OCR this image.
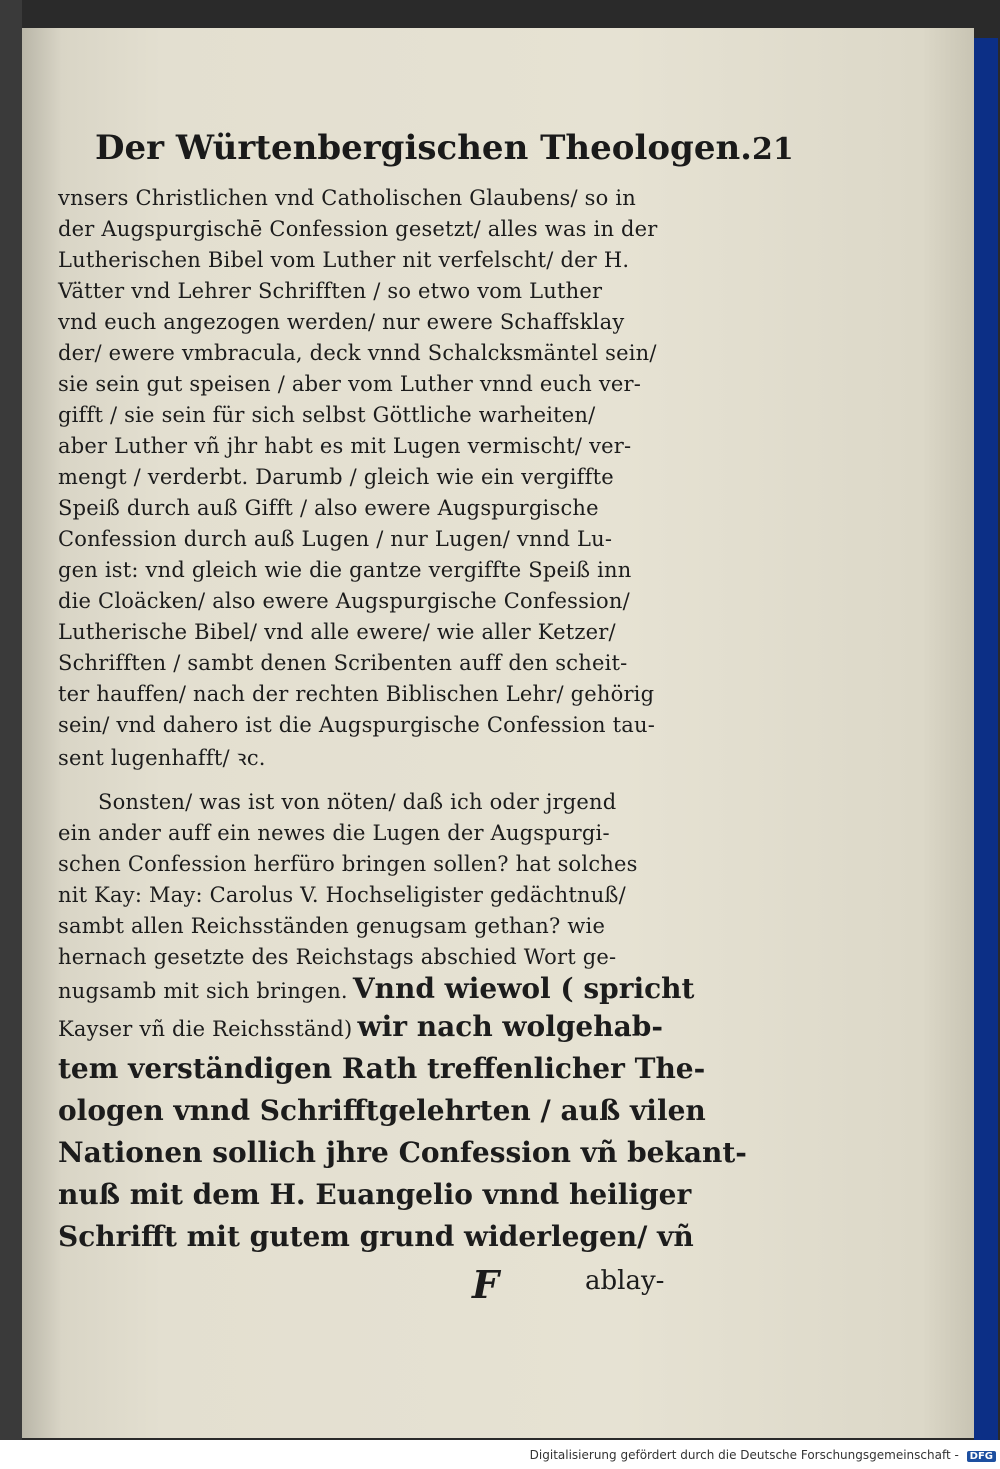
Der Würtenbergischen Theologen. 21
vnsers Christlichen vnd Catholischen Glaubens/ so in
der Augspurgischē Confession gesetzt/ alles was in der
Lutherischen Bibel vom Luther nit verfelscht/ der H.
Vätter vnd Lehrer Schrifften / so etwo vom Luther
vnd euch angezogen werden/ nur ewere Schaffsklay
der/ ewere vmbracula, deck vnnd Schalcksmäntel sein/
sie sein gut speisen / aber vom Luther vnnd euch ver-
gifft / sie sein für sich selbst Göttliche warheiten/
aber Luther vñ jhr habt es mit Lugen vermischt/ ver-
mengt / verderbt. Darumb / gleich wie ein vergiffte
Speiß durch auß Gifft / also ewere Augspurgische
Confession durch auß Lugen / nur Lugen/ vnnd Lu-
gen ist: vnd gleich wie die gantze vergiffte Speiß inn
die Cloäcken/ also ewere Augspurgische Confession/
Lutherische Bibel/ vnd alle ewere/ wie aller Ketzer/
Schrifften / sambt denen Scribenten auff den scheit-
ter hauffen/ nach der rechten Biblischen Lehr/ gehörig
sein/ vnd dahero ist die Augspurgische Confession tau-
sent lugenhafft/ ꝛc.
Sonsten/ was ist von nöten/ daß ich oder jrgend
ein ander auff ein newes die Lugen der Augspurgi-
schen Confession herfüro bringen sollen? hat solches
nit Kay: May: Carolus V. Hochseligister gedächtnuß/
sambt allen Reichsständen genugsam gethan? wie
hernach gesetzte des Reichstags abschied Wort ge-
nugsamb mit sich bringen. Vnnd wiewol ( spricht
Kayser vñ die Reichsständ) wir nach wolgehab-
tem verständigen Rath treffenlicher The-
ologen vnnd Schrifftgelehrten / auß vilen
Nationen sollich jhre Confession vñ bekant-
nuß mit dem H. Euangelio vnnd heiliger
Schrifft mit gutem grund widerlegen/ vñ
F	ablay-
Digitalisierung gefördert durch die Deutsche Forschungsgemeinschaft - DFG
